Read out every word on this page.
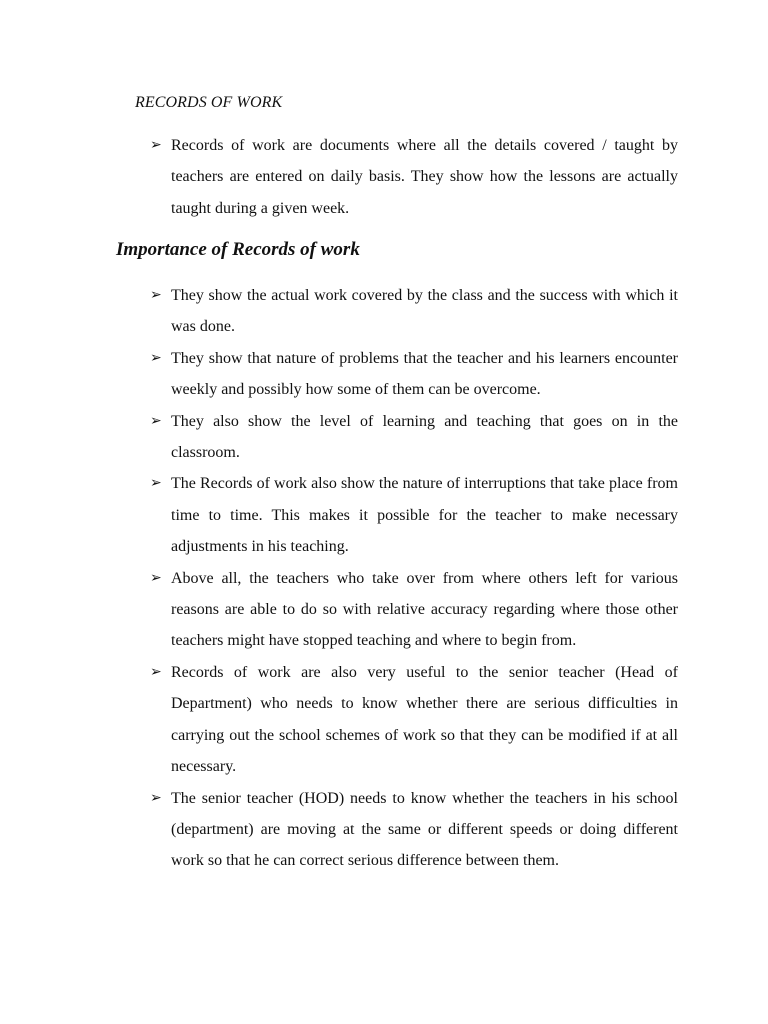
RECORDS OF WORK
➢ Records of work are documents where all the details covered / taught by teachers are entered on daily basis. They show how the lessons are actually taught during a given week.
Importance of Records of work
➢ They show the actual work covered by the class and the success with which it was done.
➢ They show that nature of problems that the teacher and his learners encounter weekly and possibly how some of them can be overcome.
➢ They also show the level of learning and teaching that goes on in the classroom.
➢ The Records of work also show the nature of interruptions that take place from time to time. This makes it possible for the teacher to make necessary adjustments in his teaching.
➢ Above all, the teachers who take over from where others left for various reasons are able to do so with relative accuracy regarding where those other teachers might have stopped teaching and where to begin from.
➢ Records of work are also very useful to the senior teacher (Head of Department) who needs to know whether there are serious difficulties in carrying out the school schemes of work so that they can be modified if at all necessary.
➢ The senior teacher (HOD) needs to know whether the teachers in his school (department) are moving at the same or different speeds or doing different work so that he can correct serious difference between them.
